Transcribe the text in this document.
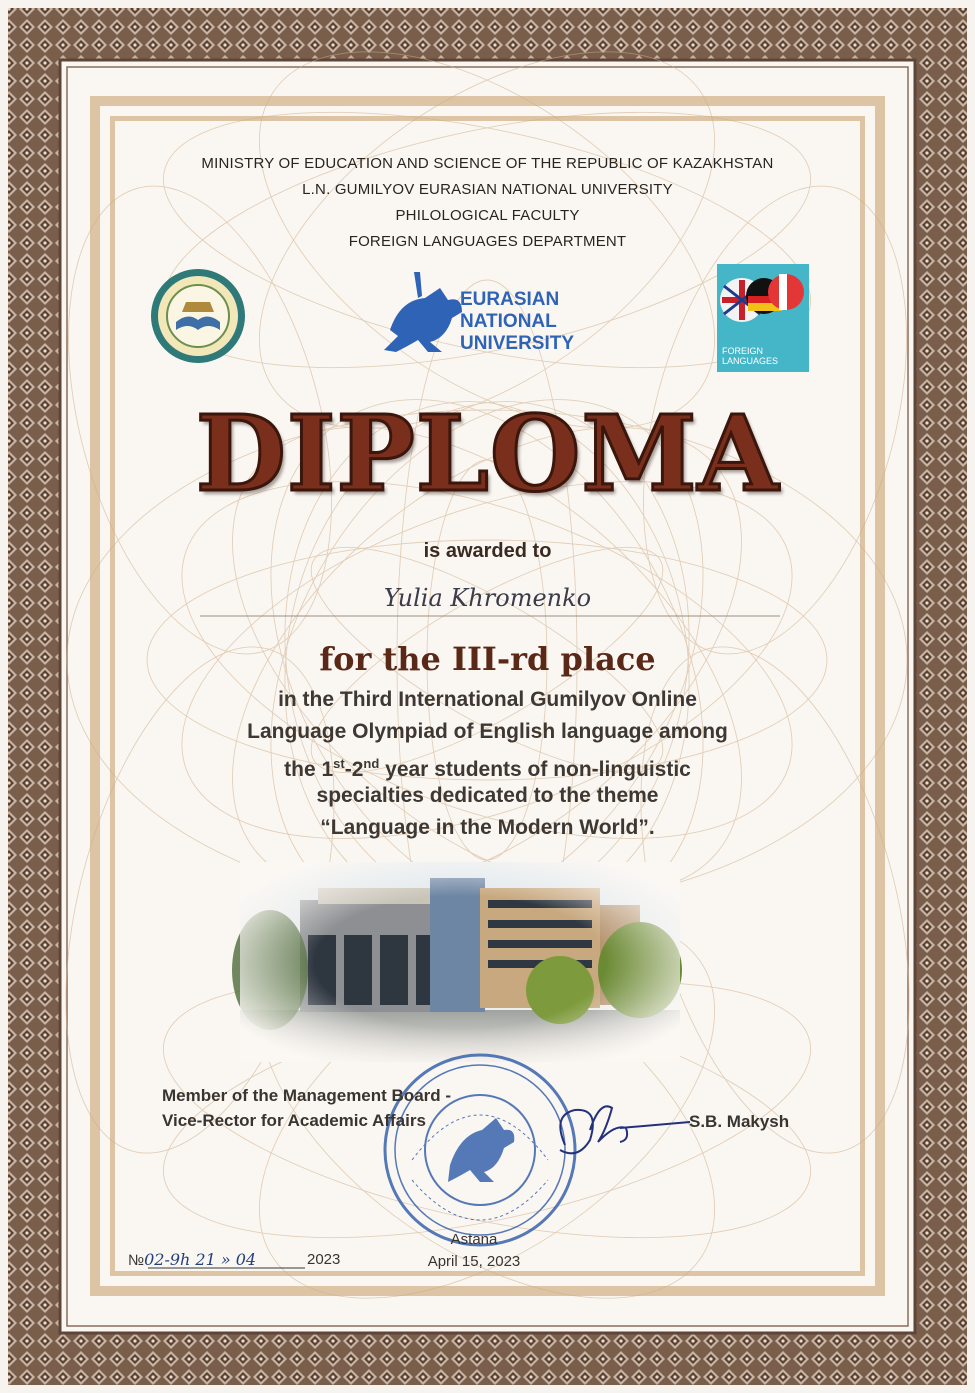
EURASIAN
NATIONAL
UNIVERSITY	FOREIGN
LANGUAGES
MINISTRY OF EDUCATION AND SCIENCE OF THE REPUBLIC OF KAZAKHSTAN
L.N. GUMILYOV EURASIAN NATIONAL UNIVERSITY
PHILOLOGICAL FACULTY
FOREIGN LANGUAGES DEPARTMENT
DIPLOMA
is awarded to
Yulia Khromenko
for the III-rd place
in the Third International Gumilyov Online
Language Olympiad of English language among
the 1st-2nd year students of non-linguistic
specialties dedicated to the theme
“Language in the Modern World”.
Member of the Management Board -
Vice-Rector for Academic Affairs	S.B. Makysh
№02-9h 21 » 04	2023
Astana
April 15, 2023
